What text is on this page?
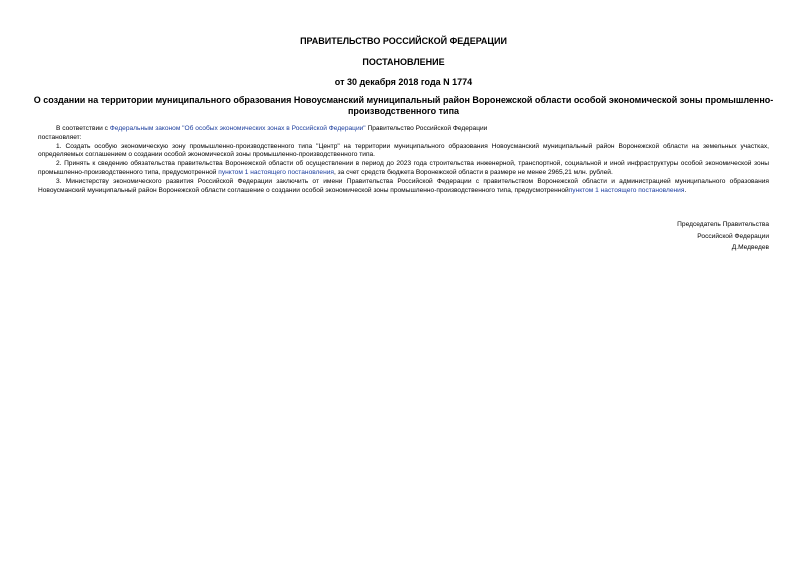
ПРАВИТЕЛЬСТВО РОССИЙСКОЙ ФЕДЕРАЦИИ
ПОСТАНОВЛЕНИЕ
от 30 декабря 2018 года N 1774
О создании на территории муниципального образования Новоусманский муниципальный район Воронежской области особой экономической зоны промышленно-производственного типа

В соответствии с Федеральным законом "Об особых экономических зонах в Российской Федерации" Правительство Российской Федерации

постановляет:

1. Создать особую экономическую зону промышленно-производственного типа "Центр" на территории муниципального образования Новоусманский муниципальный район Воронежской области на земельных участках, определяемых соглашением о создании особой экономической зоны промышленно-производственного типа.

2. Принять к сведению обязательства правительства Воронежской области об осуществлении в период до 2023 года строительства инженерной, транспортной, социальной и иной инфраструктуры особой экономической зоны промышленно-производственного типа, предусмотренной пунктом 1 настоящего постановления, за счет средств бюджета Воронежской области в размере не менее 2965,21 млн. рублей.

3. Министерству экономического развития Российской Федерации заключить от имени Правительства Российской Федерации с правительством Воронежской области и администрацией муниципального образования Новоусманский муниципальный район Воронежской области соглашение о создании особой экономической зоны промышленно-производственного типа, предусмотреннойпунктом 1 настоящего постановления.

Председатель Правительства
Российской Федерации
Д.Медведев
